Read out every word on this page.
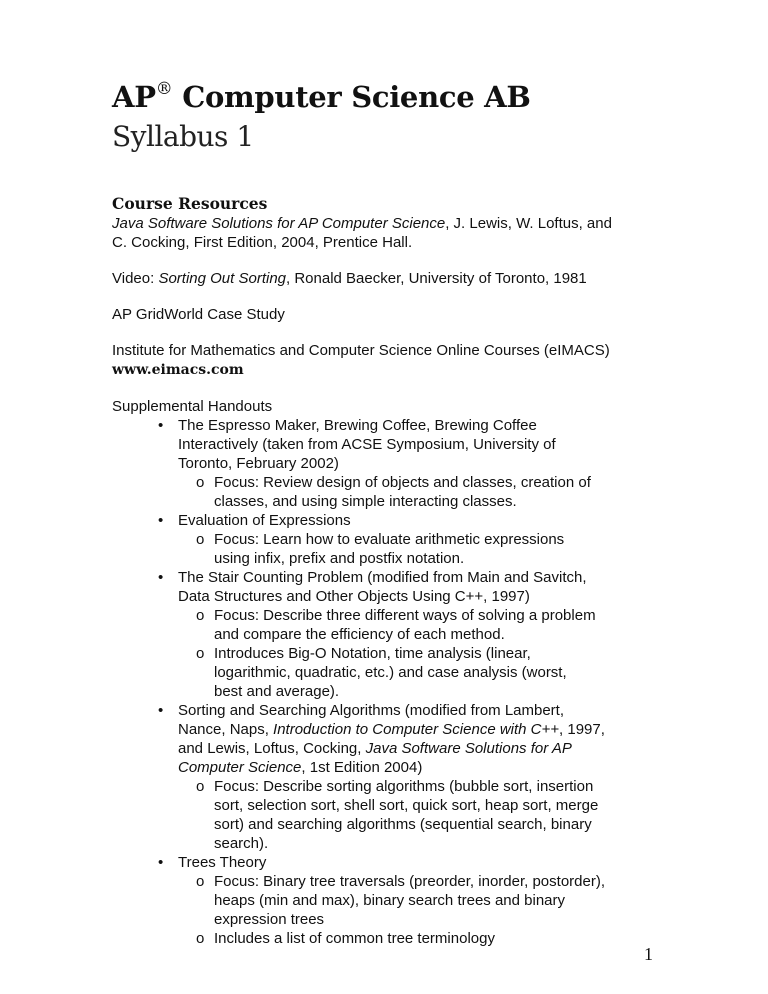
AP® Computer Science AB
Syllabus 1
Course Resources
Java Software Solutions for AP Computer Science, J. Lewis, W. Loftus, and
C. Cocking, First Edition, 2004, Prentice Hall.
Video: Sorting Out Sorting, Ronald Baecker, University of Toronto, 1981
AP GridWorld Case Study
Institute for Mathematics and Computer Science Online Courses (eIMACS)
www.eimacs.com
Supplemental Handouts
• The Espresso Maker, Brewing Coffee, Brewing Coffee
Interactively (taken from ACSE Symposium, University of
Toronto, February 2002)
o Focus: Review design of objects and classes, creation of
classes, and using simple interacting classes.
• Evaluation of Expressions
o Focus: Learn how to evaluate arithmetic expressions
using infix, prefix and postfix notation.
• The Stair Counting Problem (modified from Main and Savitch,
Data Structures and Other Objects Using C++, 1997)
o Focus: Describe three different ways of solving a problem
and compare the efficiency of each method.
o Introduces Big-O Notation, time analysis (linear,
logarithmic, quadratic, etc.) and case analysis (worst,
best and average).
• Sorting and Searching Algorithms (modified from Lambert,
Nance, Naps, Introduction to Computer Science with C++, 1997,
and Lewis, Loftus, Cocking, Java Software Solutions for AP
Computer Science, 1st Edition 2004)
o Focus: Describe sorting algorithms (bubble sort, insertion
sort, selection sort, shell sort, quick sort, heap sort, merge
sort) and searching algorithms (sequential search, binary
search).
• Trees Theory
o Focus: Binary tree traversals (preorder, inorder, postorder),
heaps (min and max), binary search trees and binary
expression trees
o Includes a list of common tree terminology
1
